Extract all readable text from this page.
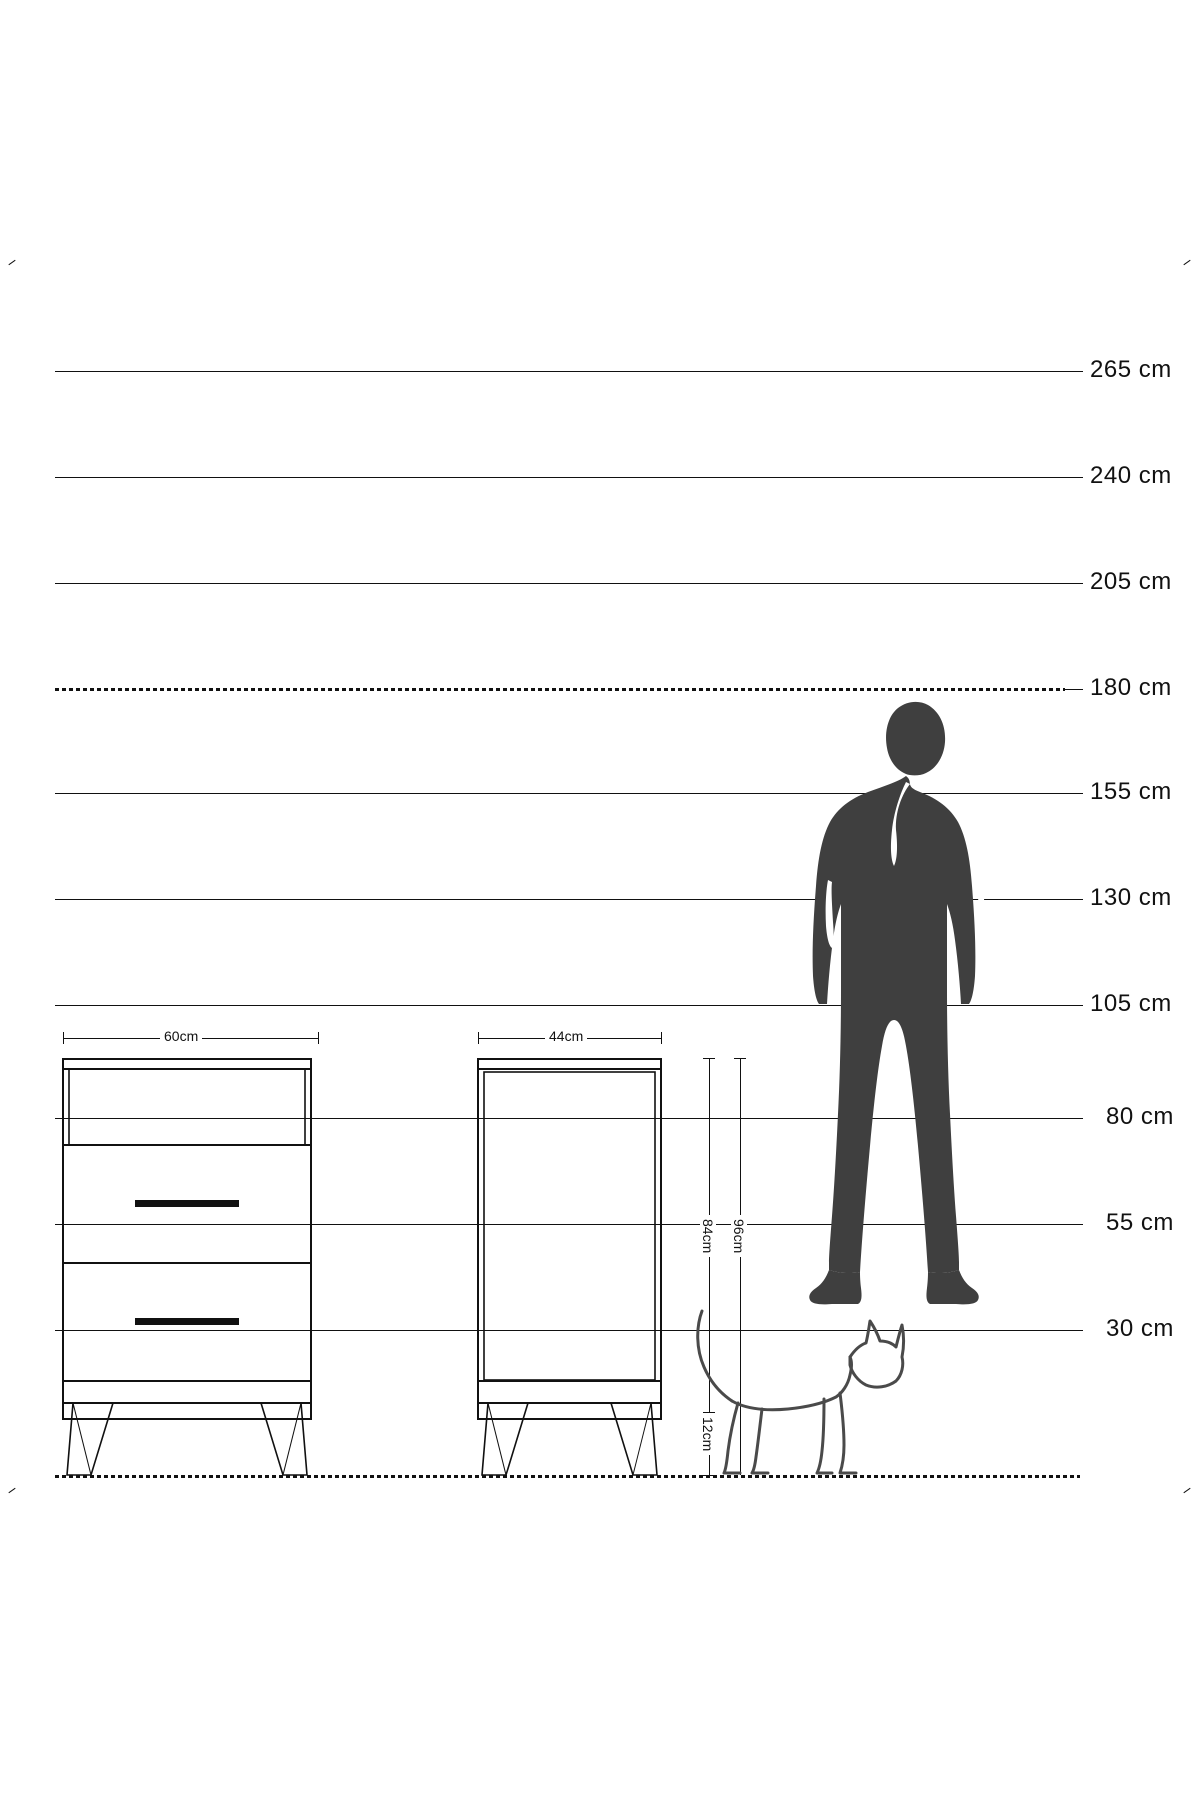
265 cm
240 cm
205 cm
180 cm
155 cm
130 cm
105 cm
80 cm
55 cm
30 cm
60cm	44cm
84cm 96cm
12cm
